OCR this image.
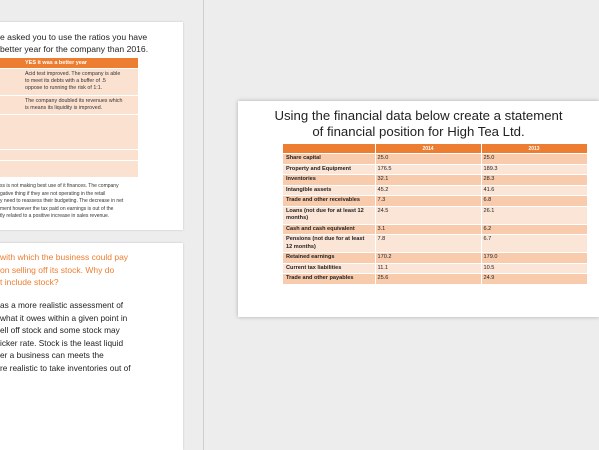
e asked you to use the ratios you have
better year for the company than 2016.
YES it was a better year
Acid test improved. The company is able
to meet its debts with a buffer of .5
oppose to running the risk of 1:1.
The company doubled its revenues which
is means its liquidity is improved.
ss is not making best use of it finances. The company
gative thing if they are not operating in the retail
y need to reassess their budgeting. The decrease in net
ment however the tax paid on earnings is out of the
tly related to a positive increase in sales revenue.
with which the business could pay
on selling off its stock. Why do
t include stock?
as a more realistic assessment of
what it owes within a given point in
ell off stock and some stock may
icker rate. Stock is the least liquid
er a business can meets the
re realistic to take inventories out of
Using the financial data below create a statement
of financial position for High Tea Ltd.
	2014	2013

Share capital	25.0	25.0

Property and Equipment	176.5	189.3

Inventories	32.1	28.3

Intangible assets	45.2	41.6

Trade and other receivables	7.3	6.8

Loans (not due for at least 12
months)	24.5	26.1

Cash and cash equivalent	3.1	6.2

Pensions (not due for at least
12 months)	7.8	6.7

Retained earnings	170.2	179.0

Current tax liabilities	11.1	10.5

Trade and other payables	25.6	24.9
